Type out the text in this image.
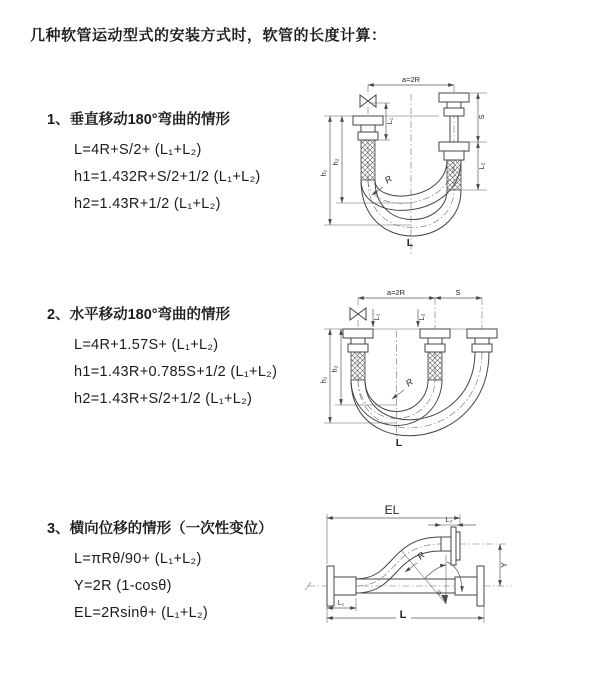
几种软管运动型式的安装方式时，软管的长度计算：
1、垂直移动180°弯曲的情形
L=4R+S/2+ (L₁+L₂)
h1=1.432R+S/2+1/2 (L₁+L₂)
h2=1.43R+1/2 (L₁+L₂)
2、水平移动180°弯曲的情形
L=4R+1.57S+ (L₁+L₂)
h1=1.43R+0.785S+1/2 (L₁+L₂)
h2=1.43R+S/2+1/2 (L₁+L₂)
3、横向位移的情形（一次性变位）
L=πRθ/90+ (L₁+L₂)
Y=2R (1-cosθ)
EL=2Rsinθ+ (L₁+L₂)
a=2R
h₂
h₁
L₁
S
L₂
R
L
a=2R	S
L₁	L₂
h₂
h₁	R
L
EL
L₂
Y
θ
R
L₁
L
